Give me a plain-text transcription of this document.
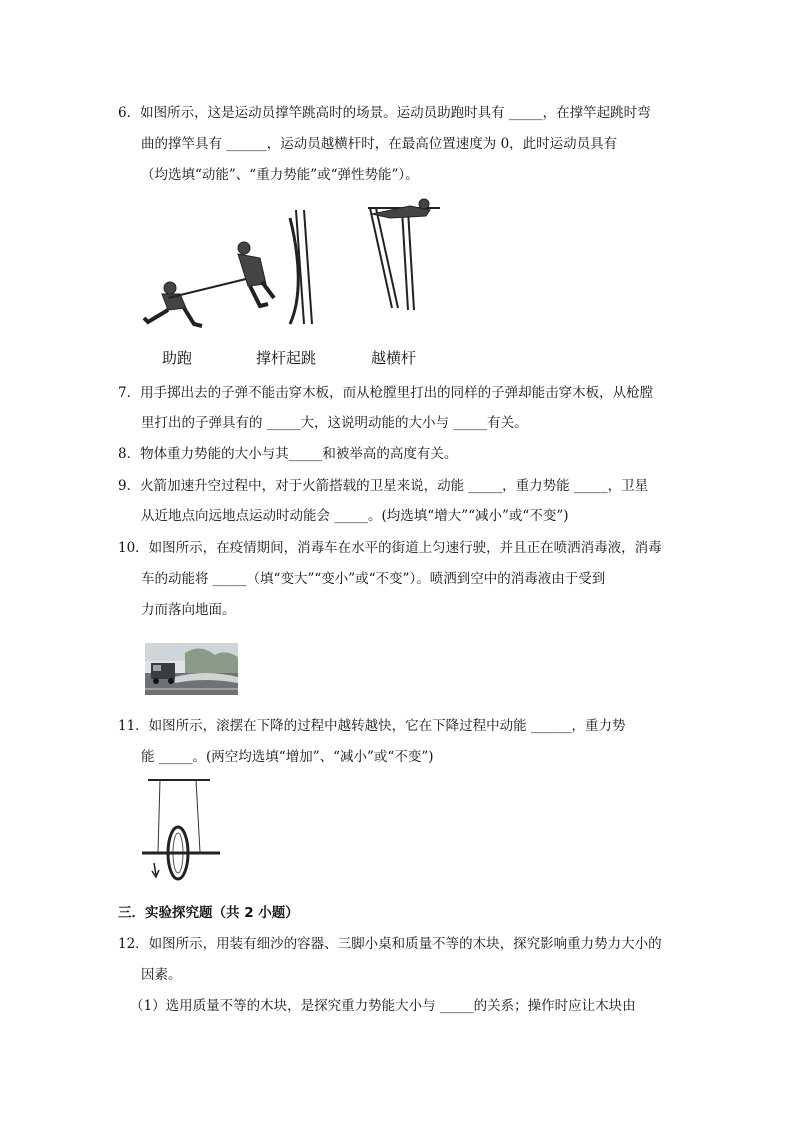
6．如图所示，这是运动员撑竿跳高时的场景。运动员助跑时具有 _____，在撑竿起跳时弯
曲的撑竿具有 ______，运动员越横杆时，在最高位置速度为 0，此时运动员具有
（均选填“动能”、“重力势能”或“弹性势能”）。
助跑	撑杆起跳	越横杆
7．用手掷出去的子弹不能击穿木板，而从枪膛里打出的同样的子弹却能击穿木板，从枪膛
里打出的子弹具有的 _____大，这说明动能的大小与 _____有关。
8．物体重力势能的大小与其_____和被举高的高度有关。
9．火箭加速升空过程中，对于火箭搭载的卫星来说，动能 _____，重力势能 _____，卫星
从近地点向远地点运动时动能会 _____。(均选填“增大”“减小”或“不变”)
10．如图所示，在疫情期间，消毒车在水平的街道上匀速行驶，并且正在喷洒消毒液，消毒
车的动能将 _____（填“变大”“变小”或“不变”）。喷洒到空中的消毒液由于受到
力而落向地面。
11．如图所示，滚摆在下降的过程中越转越快，它在下降过程中动能 ______，重力势
能 _____。(两空均选填“增加”、“减小”或“不变”)
三．实验探究题（共 2 小题）
12．如图所示，用装有细沙的容器、三脚小桌和质量不等的木块，探究影响重力势力大小的
因素。
（1）选用质量不等的木块，是探究重力势能大小与 _____的关系；操作时应让木块由
